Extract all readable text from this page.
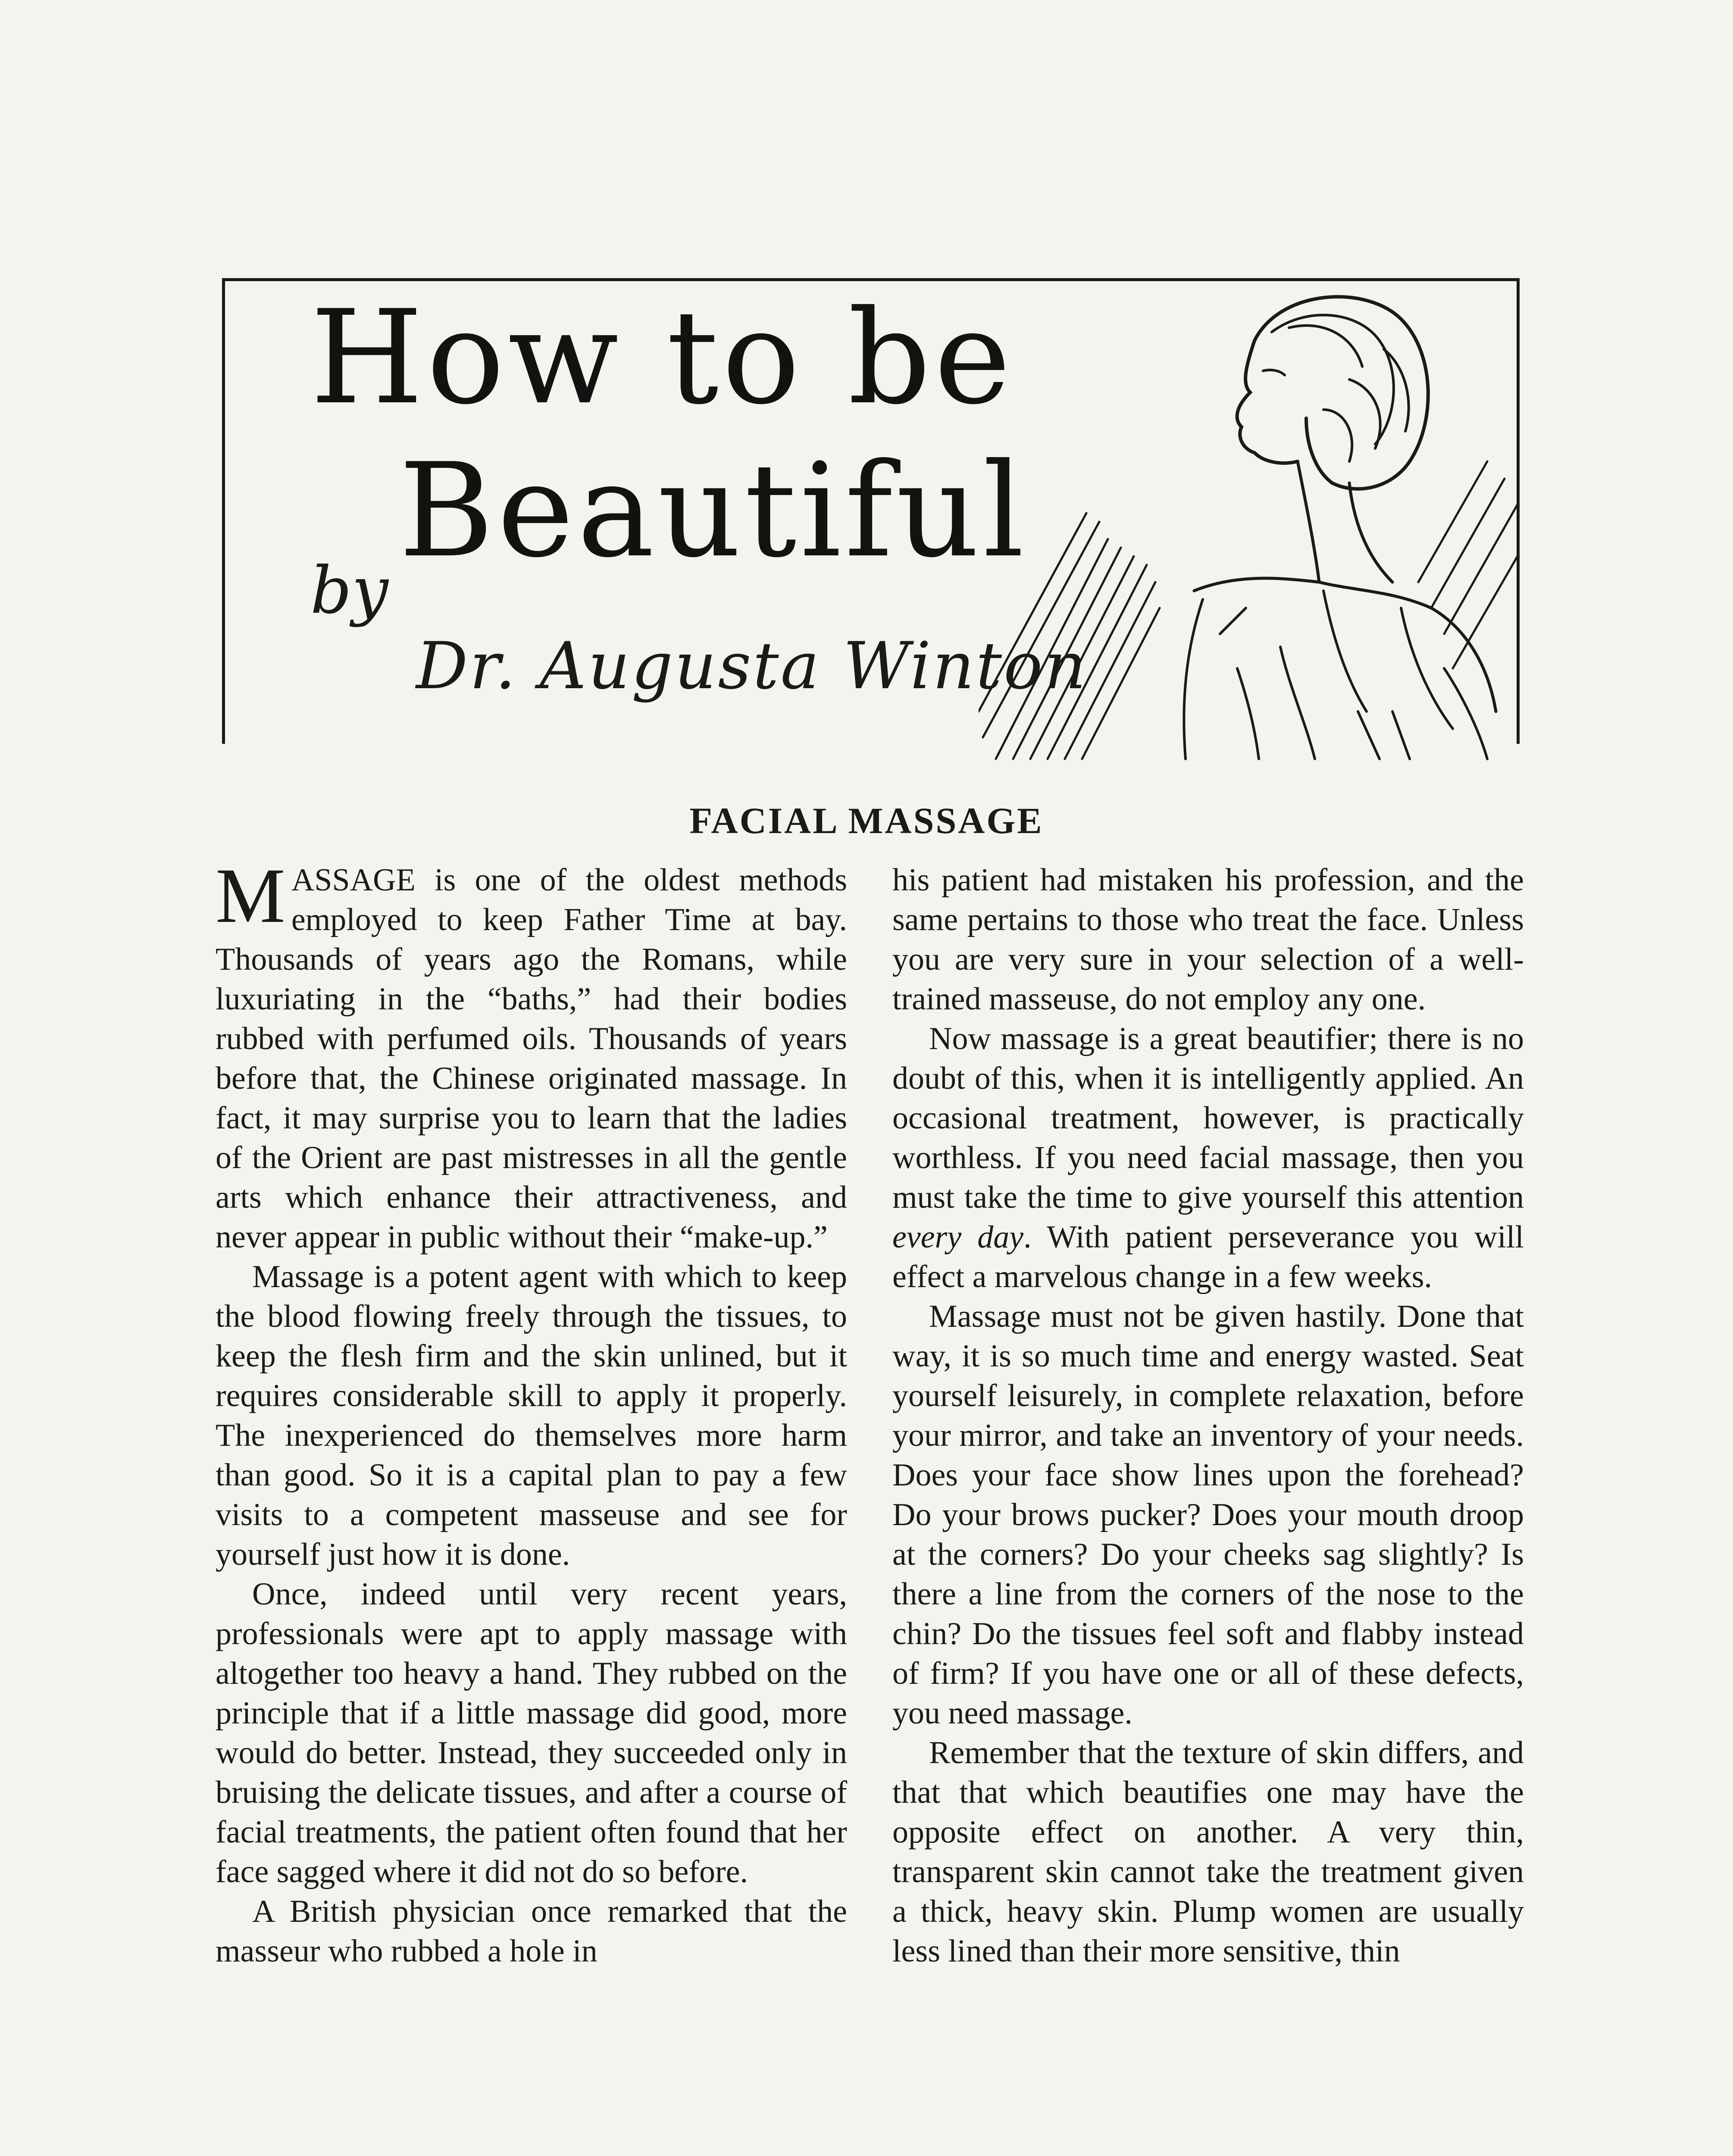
How to be
Beautiful
by
Dr. Augusta Winton
FACIAL MASSAGE

MASSAGE is one of the oldest methods employed to keep Father Time at bay. Thousands of years ago the Romans, while luxuriating in the “baths,” had their bodies rubbed with perfumed oils. Thousands of years before that, the Chinese originated massage. In fact, it may surprise you to learn that the ladies of the Orient are past mistresses in all the gentle arts which enhance their attractiveness, and never appear in public without their “make-up.”

Massage is a potent agent with which to keep the blood flowing freely through the tissues, to keep the flesh firm and the skin unlined, but it requires considerable skill to apply it properly. The inexperienced do themselves more harm than good. So it is a capital plan to pay a few visits to a competent masseuse and see for yourself just how it is done.

Once, indeed until very recent years, professionals were apt to apply massage with altogether too heavy a hand. They rubbed on the principle that if a little massage did good, more would do better. Instead, they succeeded only in bruising the delicate tissues, and after a course of facial treatments, the patient often found that her face sagged where it did not do so before.

A British physician once remarked that the masseur who rubbed a hole in

his patient had mistaken his profession, and the same pertains to those who treat the face. Unless you are very sure in your selection of a well-trained masseuse, do not employ any one.

Now massage is a great beautifier; there is no doubt of this, when it is intelligently applied. An occasional treatment, however, is practically worthless. If you need facial massage, then you must take the time to give yourself this attention every day. With patient perseverance you will effect a marvelous change in a few weeks.

Massage must not be given hastily. Done that way, it is so much time and energy wasted. Seat yourself leisurely, in complete relaxation, before your mirror, and take an inventory of your needs. Does your face show lines upon the forehead? Do your brows pucker? Does your mouth droop at the corners? Do your cheeks sag slightly? Is there a line from the corners of the nose to the chin? Do the tissues feel soft and flabby instead of firm? If you have one or all of these defects, you need massage.

Remember that the texture of skin differs, and that that which beautifies one may have the opposite effect on another. A very thin, transparent skin cannot take the treatment given a thick, heavy skin. Plump women are usually less lined than their more sensitive, thin
